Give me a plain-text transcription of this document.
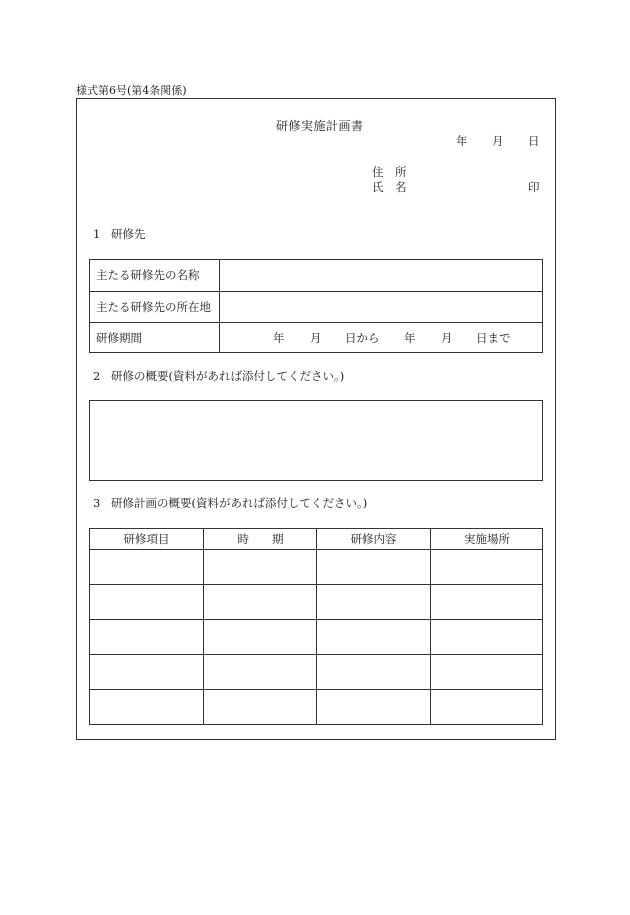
様式第6号(第4条関係)
研修実施計画書
年 月 日
住 所
氏 名	印
1 研修先
主たる研修先の名称
主たる研修先の所在地
研修期間	年 月 日から 年 月 日まで
2 研修の概要(資料があれば添付してください。)
3 研修計画の概要(資料があれば添付してください。)
研修項目	時　　期	研修内容	実施場所
